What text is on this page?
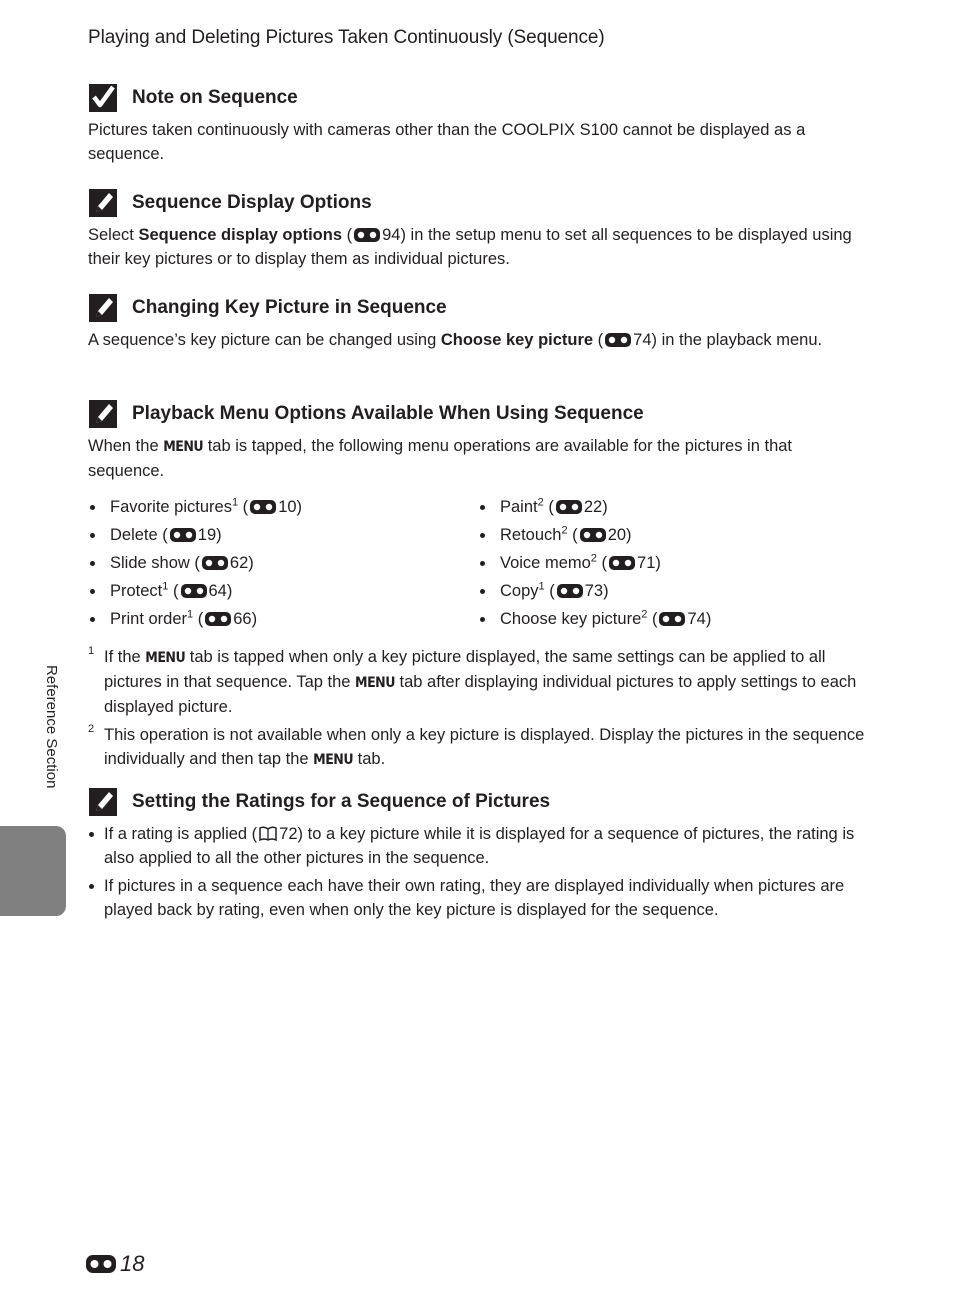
Playing and Deleting Pictures Taken Continuously (Sequence)
Note on Sequence

Pictures taken continuously with cameras other than the COOLPIX S100 cannot be displayed as a sequence.

Sequence Display Options

Select Sequence display options ( 94) in the setup menu to set all sequences to be displayed using their key pictures or to display them as individual pictures.

Changing Key Picture in Sequence

A sequence’s key picture can be changed using Choose key picture ( 74) in the playback menu.

Playback Menu Options Available When Using Sequence

When the MENU tab is tapped, the following menu operations are available for the pictures in that sequence.

Favorite pictures$^1$ ( 10)
Delete ( 19)
Slide show ( 62)
Protect$^1$ ( 64)
Print order$^1$ ( 66)
Paint$^2$ ( 22)
Retouch$^2$ ( 20)
Voice memo$^2$ ( 71)
Copy$^1$ ( 73)
Choose key picture$^2$ ( 74)
1 If the MENU tab is tapped when only a key picture displayed, the same settings can be applied to all pictures in that sequence. Tap the MENU tab after displaying individual pictures to apply settings to each displayed picture.
2 This operation is not available when only a key picture is displayed. Display the pictures in the sequence individually and then tap the MENU tab.
Setting the Ratings for a Sequence of Pictures
If a rating is applied ( 72) to a key picture while it is displayed for a sequence of pictures, the rating is also applied to all the other pictures in the sequence.
If pictures in a sequence each have their own rating, they are displayed individually when pictures are played back by rating, even when only the key picture is displayed for the sequence.
Reference Section
18
